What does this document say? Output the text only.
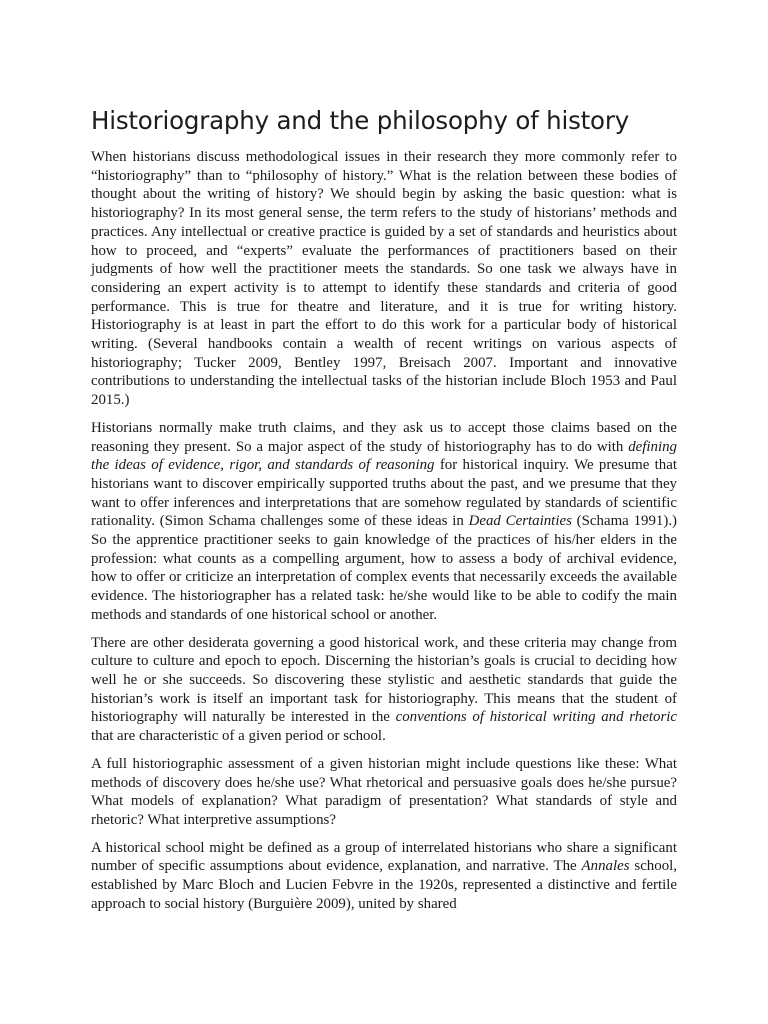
Historiography and the philosophy of history

When historians discuss methodological issues in their research they more commonly refer to “historiography” than to “philosophy of history.” What is the relation between these bodies of thought about the writing of history? We should begin by asking the basic question: what is historiography? In its most general sense, the term refers to the study of historians’ methods and practices. Any intellectual or creative practice is guided by a set of standards and heuristics about how to proceed, and “experts” evaluate the performances of practitioners based on their judgments of how well the practitioner meets the standards. So one task we always have in considering an expert activity is to attempt to identify these standards and criteria of good performance. This is true for theatre and literature, and it is true for writing history. Historiography is at least in part the effort to do this work for a particular body of historical writing. (Several handbooks contain a wealth of recent writings on various aspects of historiography; Tucker 2009, Bentley 1997, Breisach 2007. Important and innovative contributions to understanding the intellectual tasks of the historian include Bloch 1953 and Paul 2015.)

Historians normally make truth claims, and they ask us to accept those claims based on the reasoning they present. So a major aspect of the study of historiography has to do with defining the ideas of evidence, rigor, and standards of reasoning for historical inquiry. We presume that historians want to discover empirically supported truths about the past, and we presume that they want to offer inferences and interpretations that are somehow regulated by standards of scientific rationality. (Simon Schama challenges some of these ideas in Dead Certainties (Schama 1991).) So the apprentice practitioner seeks to gain knowledge of the practices of his/her elders in the profession: what counts as a compelling argument, how to assess a body of archival evidence, how to offer or criticize an interpretation of complex events that necessarily exceeds the available evidence. The historiographer has a related task: he/she would like to be able to codify the main methods and standards of one historical school or another.

There are other desiderata governing a good historical work, and these criteria may change from culture to culture and epoch to epoch. Discerning the historian’s goals is crucial to deciding how well he or she succeeds. So discovering these stylistic and aesthetic standards that guide the historian’s work is itself an important task for historiography. This means that the student of historiography will naturally be interested in the conventions of historical writing and rhetoric that are characteristic of a given period or school.

A full historiographic assessment of a given historian might include questions like these: What methods of discovery does he/she use? What rhetorical and persuasive goals does he/she pursue? What models of explanation? What paradigm of presentation? What standards of style and rhetoric? What interpretive assumptions?

A historical school might be defined as a group of interrelated historians who share a significant number of specific assumptions about evidence, explanation, and narrative. The Annales school, established by Marc Bloch and Lucien Febvre in the 1920s, represented a distinctive and fertile approach to social history (Burguière 2009), united by shared
